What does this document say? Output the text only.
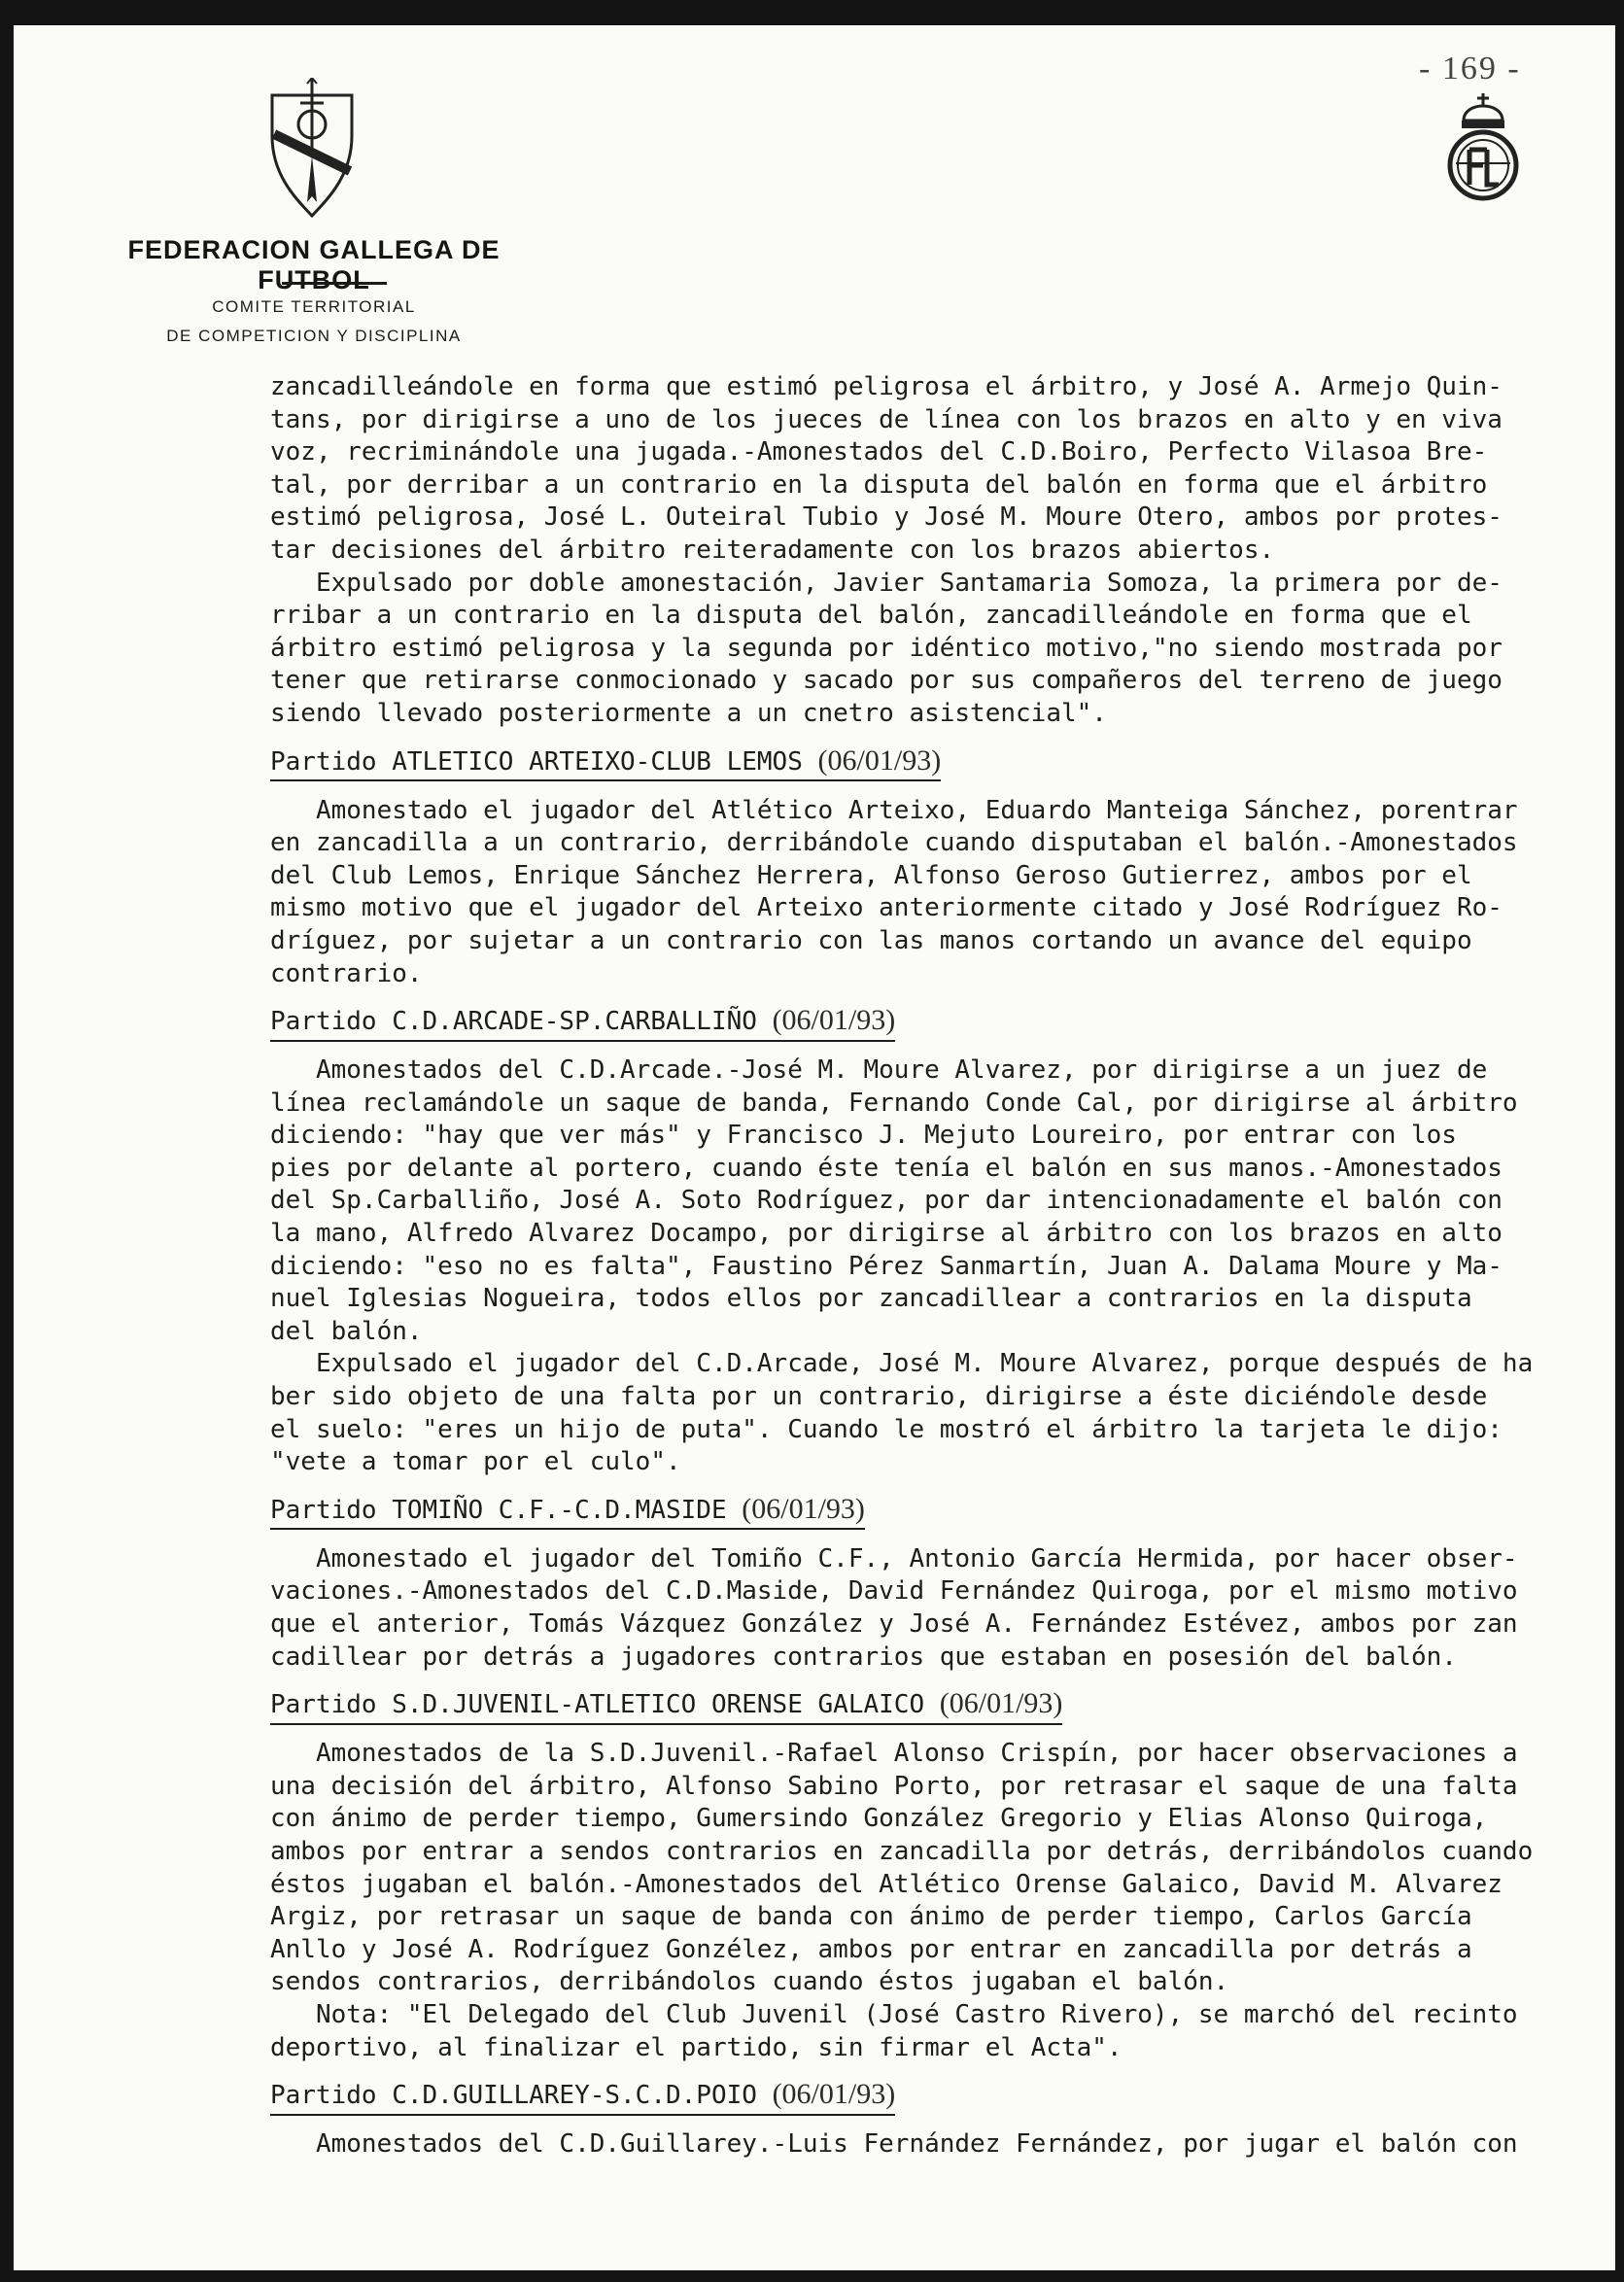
- 169 -
FEDERACION GALLEGA DE FUTBOL
COMITE TERRITORIAL
DE COMPETICION Y DISCIPLINA

zancadilleándole en forma que estimó peligrosa el árbitro, y José A. Armejo Quin-
tans, por dirigirse a uno de los jueces de línea con los brazos en alto y en viva
voz, recriminándole una jugada.-Amonestados del C.D.Boiro, Perfecto Vilasoa Bre-
tal, por derribar a un contrario en la disputa del balón en forma que el árbitro
estimó peligrosa, José L. Outeiral Tubio y José M. Moure Otero, ambos por protes-
tar decisiones del árbitro reiteradamente con los brazos abiertos.

Expulsado por doble amonestación, Javier Santamaria Somoza, la primera por de-
rribar a un contrario en la disputa del balón, zancadilleándole en forma que el
árbitro estimó peligrosa y la segunda por idéntico motivo,"no siendo mostrada por
tener que retirarse conmocionado y sacado por sus compañeros del terreno de juego
siendo llevado posteriormente a un cnetro asistencial".

Partido ATLETICO ARTEIXO-CLUB LEMOS (06/01/93)

Amonestado el jugador del Atlético Arteixo, Eduardo Manteiga Sánchez, porentrar
en zancadilla a un contrario, derribándole cuando disputaban el balón.-Amonestados
del Club Lemos, Enrique Sánchez Herrera, Alfonso Geroso Gutierrez, ambos por el
mismo motivo que el jugador del Arteixo anteriormente citado y José Rodríguez Ro-
dríguez, por sujetar a un contrario con las manos cortando un avance del equipo
contrario.

Partido C.D.ARCADE-SP.CARBALLIÑO (06/01/93)

Amonestados del C.D.Arcade.-José M. Moure Alvarez, por dirigirse a un juez de
línea reclamándole un saque de banda, Fernando Conde Cal, por dirigirse al árbitro
diciendo: "hay que ver más" y Francisco J. Mejuto Loureiro, por entrar con los
pies por delante al portero, cuando éste tenía el balón en sus manos.-Amonestados
del Sp.Carballiño, José A. Soto Rodríguez, por dar intencionadamente el balón con
la mano, Alfredo Alvarez Docampo, por dirigirse al árbitro con los brazos en alto
diciendo: "eso no es falta", Faustino Pérez Sanmartín, Juan A. Dalama Moure y Ma-
nuel Iglesias Nogueira, todos ellos por zancadillear a contrarios en la disputa
del balón.

Expulsado el jugador del C.D.Arcade, José M. Moure Alvarez, porque después de ha
ber sido objeto de una falta por un contrario, dirigirse a éste diciéndole desde
el suelo: "eres un hijo de puta". Cuando le mostró el árbitro la tarjeta le dijo:
"vete a tomar por el culo".

Partido TOMIÑO C.F.-C.D.MASIDE (06/01/93)

Amonestado el jugador del Tomiño C.F., Antonio García Hermida, por hacer obser-
vaciones.-Amonestados del C.D.Maside, David Fernández Quiroga, por el mismo motivo
que el anterior, Tomás Vázquez González y José A. Fernández Estévez, ambos por zan
cadillear por detrás a jugadores contrarios que estaban en posesión del balón.

Partido S.D.JUVENIL-ATLETICO ORENSE GALAICO (06/01/93)

Amonestados de la S.D.Juvenil.-Rafael Alonso Crispín, por hacer observaciones a
una decisión del árbitro, Alfonso Sabino Porto, por retrasar el saque de una falta
con ánimo de perder tiempo, Gumersindo González Gregorio y Elias Alonso Quiroga,
ambos por entrar a sendos contrarios en zancadilla por detrás, derribándolos cuando
éstos jugaban el balón.-Amonestados del Atlético Orense Galaico, David M. Alvarez
Argiz, por retrasar un saque de banda con ánimo de perder tiempo, Carlos García
Anllo y José A. Rodríguez Gonzélez, ambos por entrar en zancadilla por detrás a
sendos contrarios, derribándolos cuando éstos jugaban el balón.

Nota: "El Delegado del Club Juvenil (José Castro Rivero), se marchó del recinto
deportivo, al finalizar el partido, sin firmar el Acta".

Partido C.D.GUILLAREY-S.C.D.POIO (06/01/93)

Amonestados del C.D.Guillarey.-Luis Fernández Fernández, por jugar el balón con
